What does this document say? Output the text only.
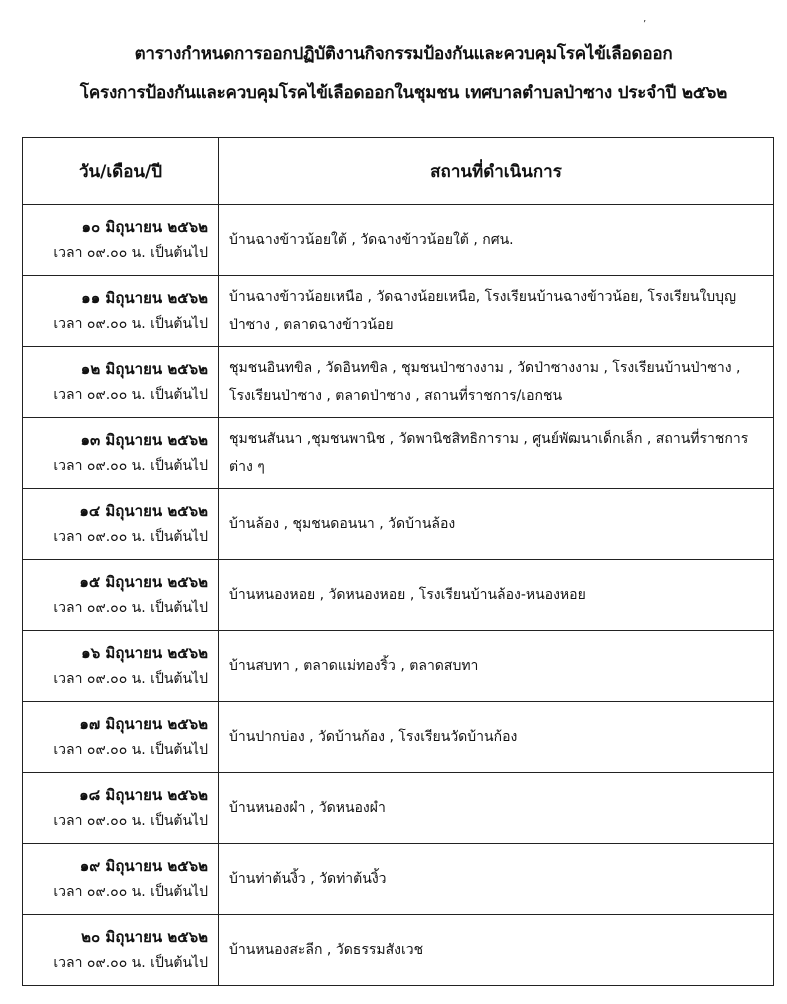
’
ตารางกำหนดการออกปฏิบัติงานกิจกรรมป้องกันและควบคุมโรคไข้เลือดออก
โครงการป้องกันและควบคุมโรคไข้เลือดออกในชุมชน เทศบาลตำบลป่าซาง ประจำปี ๒๕๖๒
วัน/เดือน/ปี	สถานที่ดำเนินการ

๑๐ มิถุนายน ๒๕๖๒
เวลา ๐๙.๐๐ น. เป็นต้นไป	บ้านฉางข้าวน้อยใต้ , วัดฉางข้าวน้อยใต้ , กศน.

๑๑ มิถุนายน ๒๕๖๒
เวลา ๐๙.๐๐ น. เป็นต้นไป	บ้านฉางข้าวน้อยเหนือ , วัดฉางน้อยเหนือ, โรงเรียนบ้านฉางข้าวน้อย, โรงเรียนใบบุญป่าซาง , ตลาดฉางข้าวน้อย

๑๒ มิถุนายน ๒๕๖๒
เวลา ๐๙.๐๐ น. เป็นต้นไป	ชุมชนอินทขิล , วัดอินทขิล , ชุมชนป่าซางงาม , วัดป่าซางงาม , โรงเรียนบ้านป่าซาง , โรงเรียนป่าซาง , ตลาดป่าซาง , สถานที่ราชการ/เอกชน

๑๓ มิถุนายน ๒๕๖๒
เวลา ๐๙.๐๐ น. เป็นต้นไป	ชุมชนสันนา ,ชุมชนพานิช , วัดพานิชสิทธิการาม , ศูนย์พัฒนาเด็กเล็ก , สถานที่ราชการต่าง ๆ

๑๔ มิถุนายน ๒๕๖๒
เวลา ๐๙.๐๐ น. เป็นต้นไป	บ้านล้อง , ชุมชนดอนนา , วัดบ้านล้อง

๑๕ มิถุนายน ๒๕๖๒
เวลา ๐๙.๐๐ น. เป็นต้นไป	บ้านหนองหอย , วัดหนองหอย , โรงเรียนบ้านล้อง-หนองหอย

๑๖ มิถุนายน ๒๕๖๒
เวลา ๐๙.๐๐ น. เป็นต้นไป	บ้านสบทา , ตลาดแม่ทองริ้ว , ตลาดสบทา

๑๗ มิถุนายน ๒๕๖๒
เวลา ๐๙.๐๐ น. เป็นต้นไป	บ้านปากบ่อง , วัดบ้านก้อง , โรงเรียนวัดบ้านก้อง

๑๘ มิถุนายน ๒๕๖๒
เวลา ๐๙.๐๐ น. เป็นต้นไป	บ้านหนองผำ , วัดหนองผำ

๑๙ มิถุนายน ๒๕๖๒
เวลา ๐๙.๐๐ น. เป็นต้นไป	บ้านท่าต้นงิ้ว , วัดท่าต้นงิ้ว

๒๐ มิถุนายน ๒๕๖๒
เวลา ๐๙.๐๐ น. เป็นต้นไป	บ้านหนองสะลีก , วัดธรรมสังเวช
